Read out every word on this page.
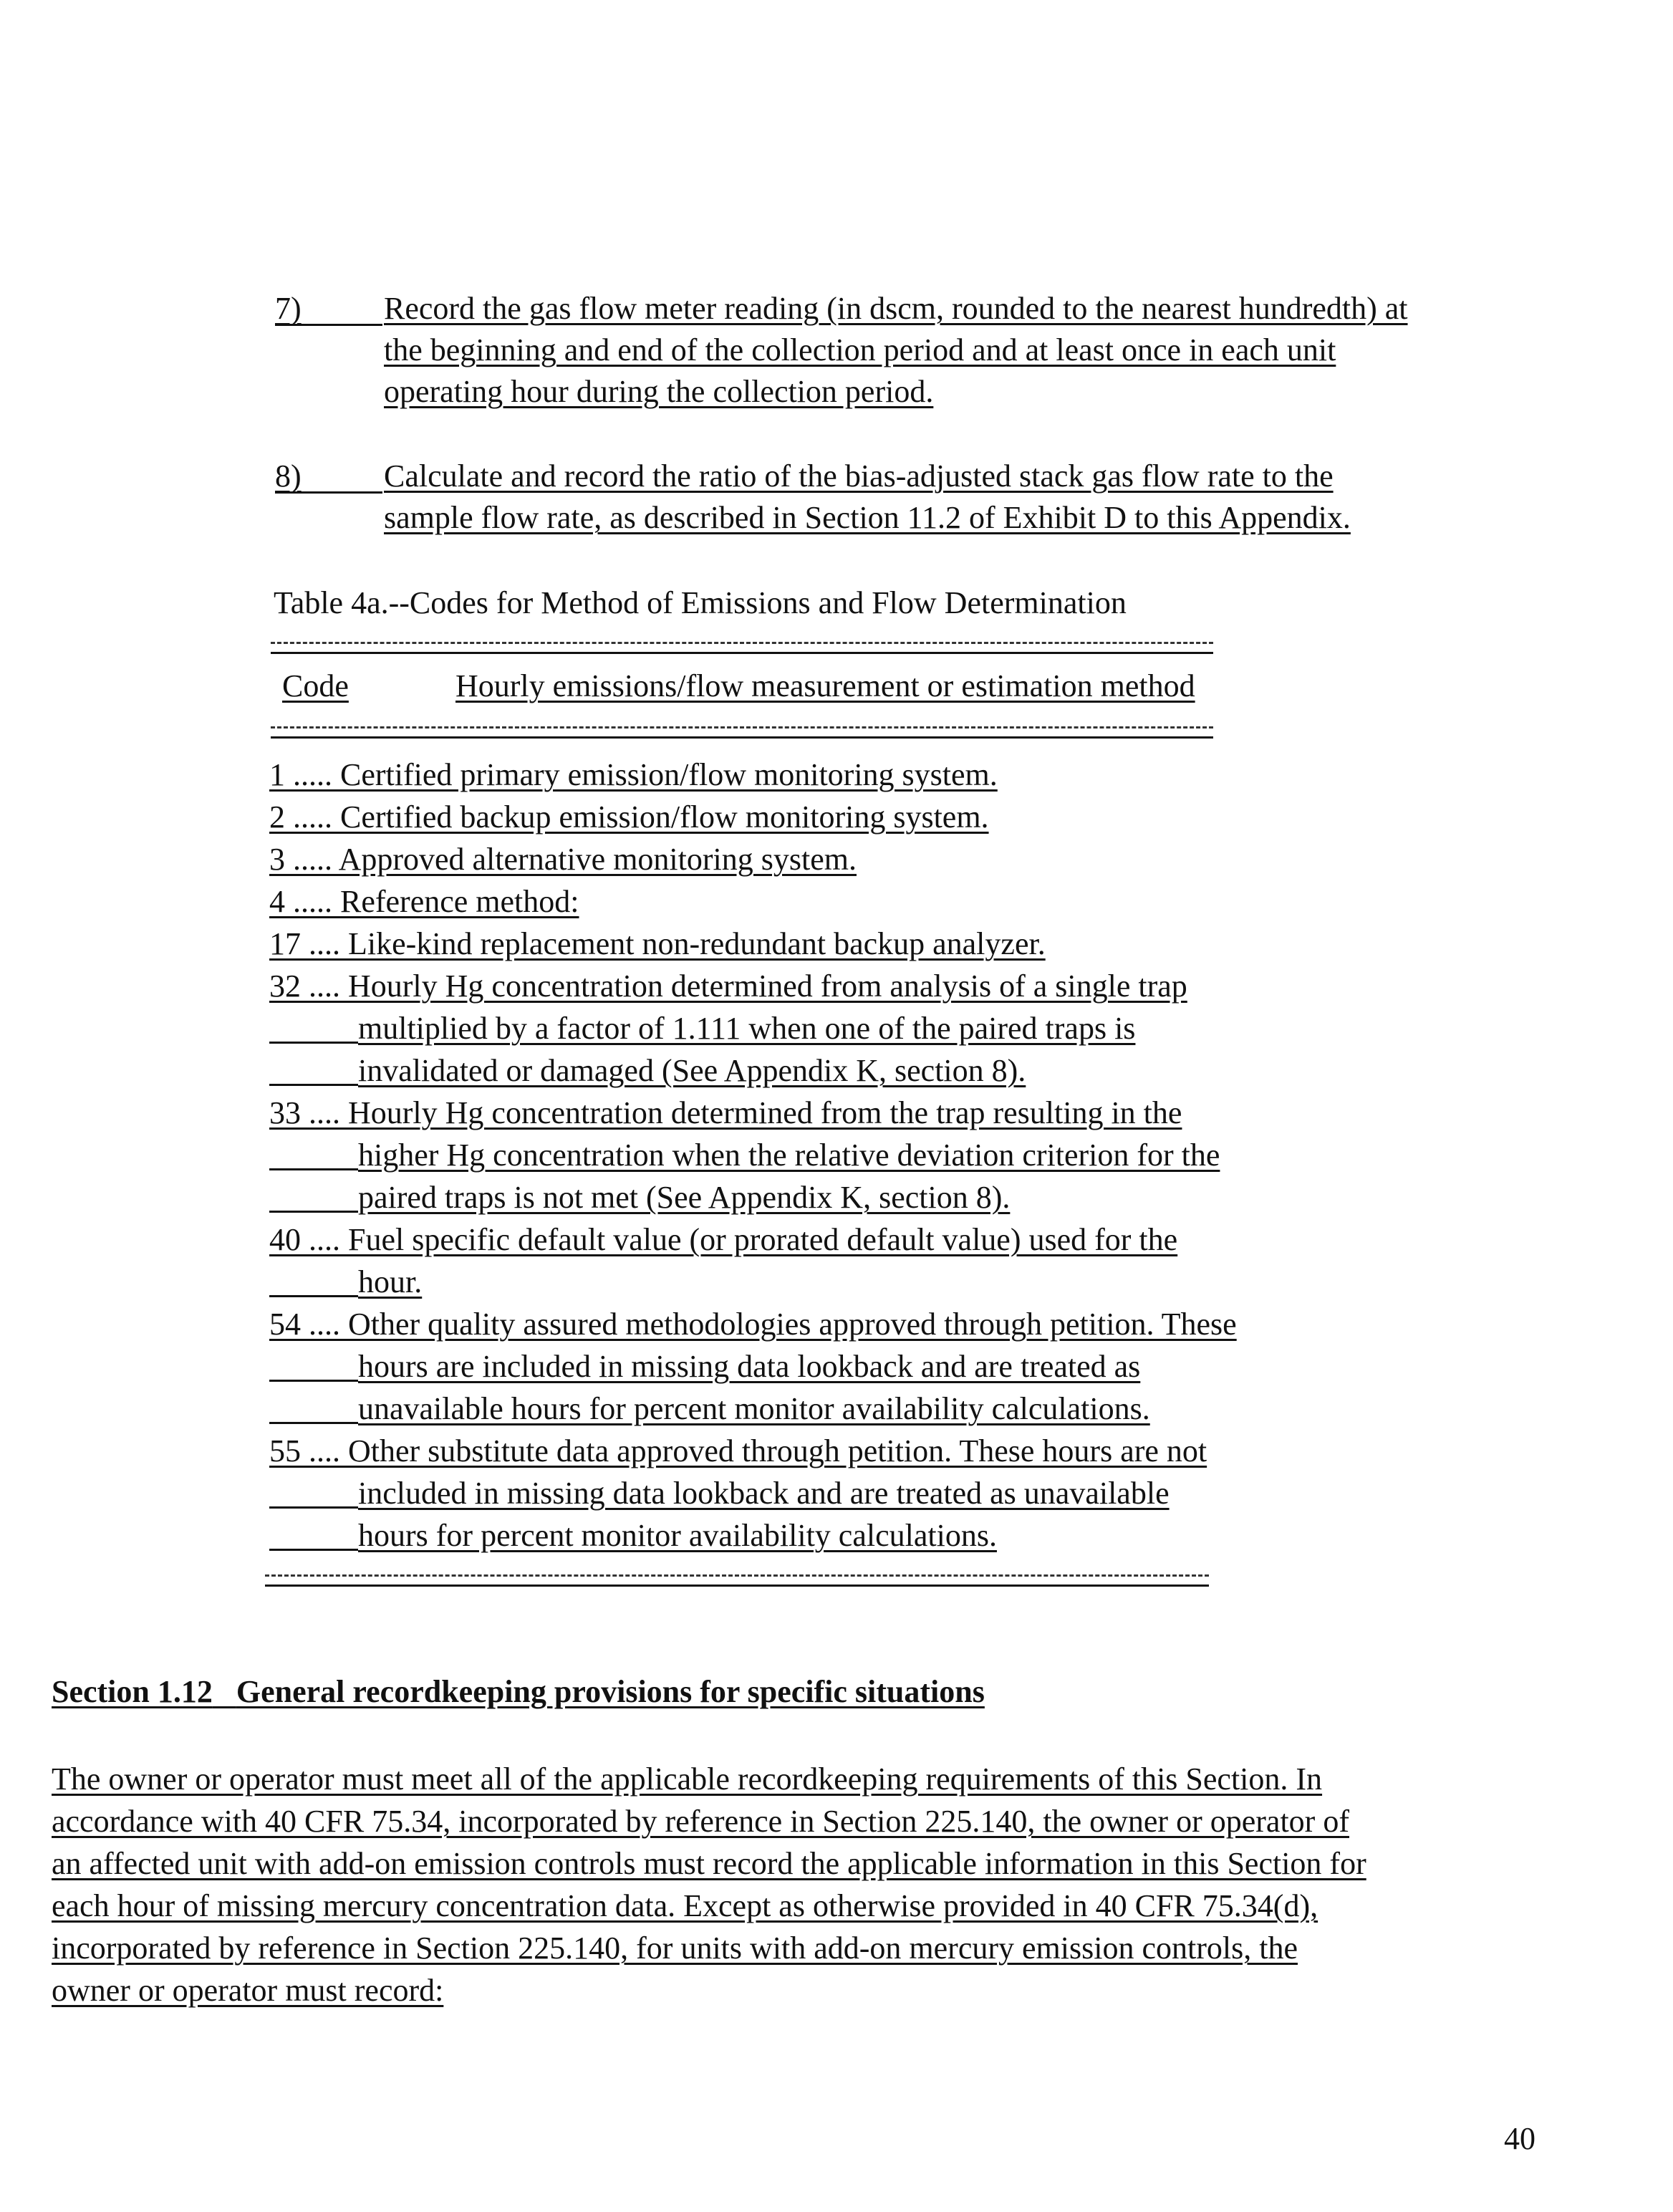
7)	Record the gas flow meter reading (in dscm, rounded to the nearest hundredth) at
the beginning and end of the collection period and at least once in each unit
operating hour during the collection period.
8)	Calculate and record the ratio of the bias-adjusted stack gas flow rate to the
sample flow rate, as described in Section 11.2 of Exhibit D to this Appendix.
Table 4a.--Codes for Method of Emissions and Flow Determination
Code	Hourly emissions/flow measurement or estimation method
1 ..... Certified primary emission/flow monitoring system.
2 ..... Certified backup emission/flow monitoring system.
3 ..... Approved alternative monitoring system.
4 ..... Reference method:
17 .... Like-kind replacement non-redundant backup analyzer.
32 .... Hourly Hg concentration determined from analysis of a single trap
multiplied by a factor of 1.111 when one of the paired traps is
invalidated or damaged (See Appendix K, section 8).
33 .... Hourly Hg concentration determined from the trap resulting in the
higher Hg concentration when the relative deviation criterion for the
paired traps is not met (See Appendix K, section 8).
40 .... Fuel specific default value (or prorated default value) used for the
hour.
54 .... Other quality assured methodologies approved through petition. These
hours are included in missing data lookback and are treated as
unavailable hours for percent monitor availability calculations.
55 .... Other substitute data approved through petition. These hours are not
included in missing data lookback and are treated as unavailable
hours for percent monitor availability calculations.
Section 1.12 General recordkeeping provisions for specific situations
The owner or operator must meet all of the applicable recordkeeping requirements of this Section. In
accordance with 40 CFR 75.34, incorporated by reference in Section 225.140, the owner or operator of
an affected unit with add-on emission controls must record the applicable information in this Section for
each hour of missing mercury concentration data. Except as otherwise provided in 40 CFR 75.34(d),
incorporated by reference in Section 225.140, for units with add-on mercury emission controls, the
owner or operator must record:
40
